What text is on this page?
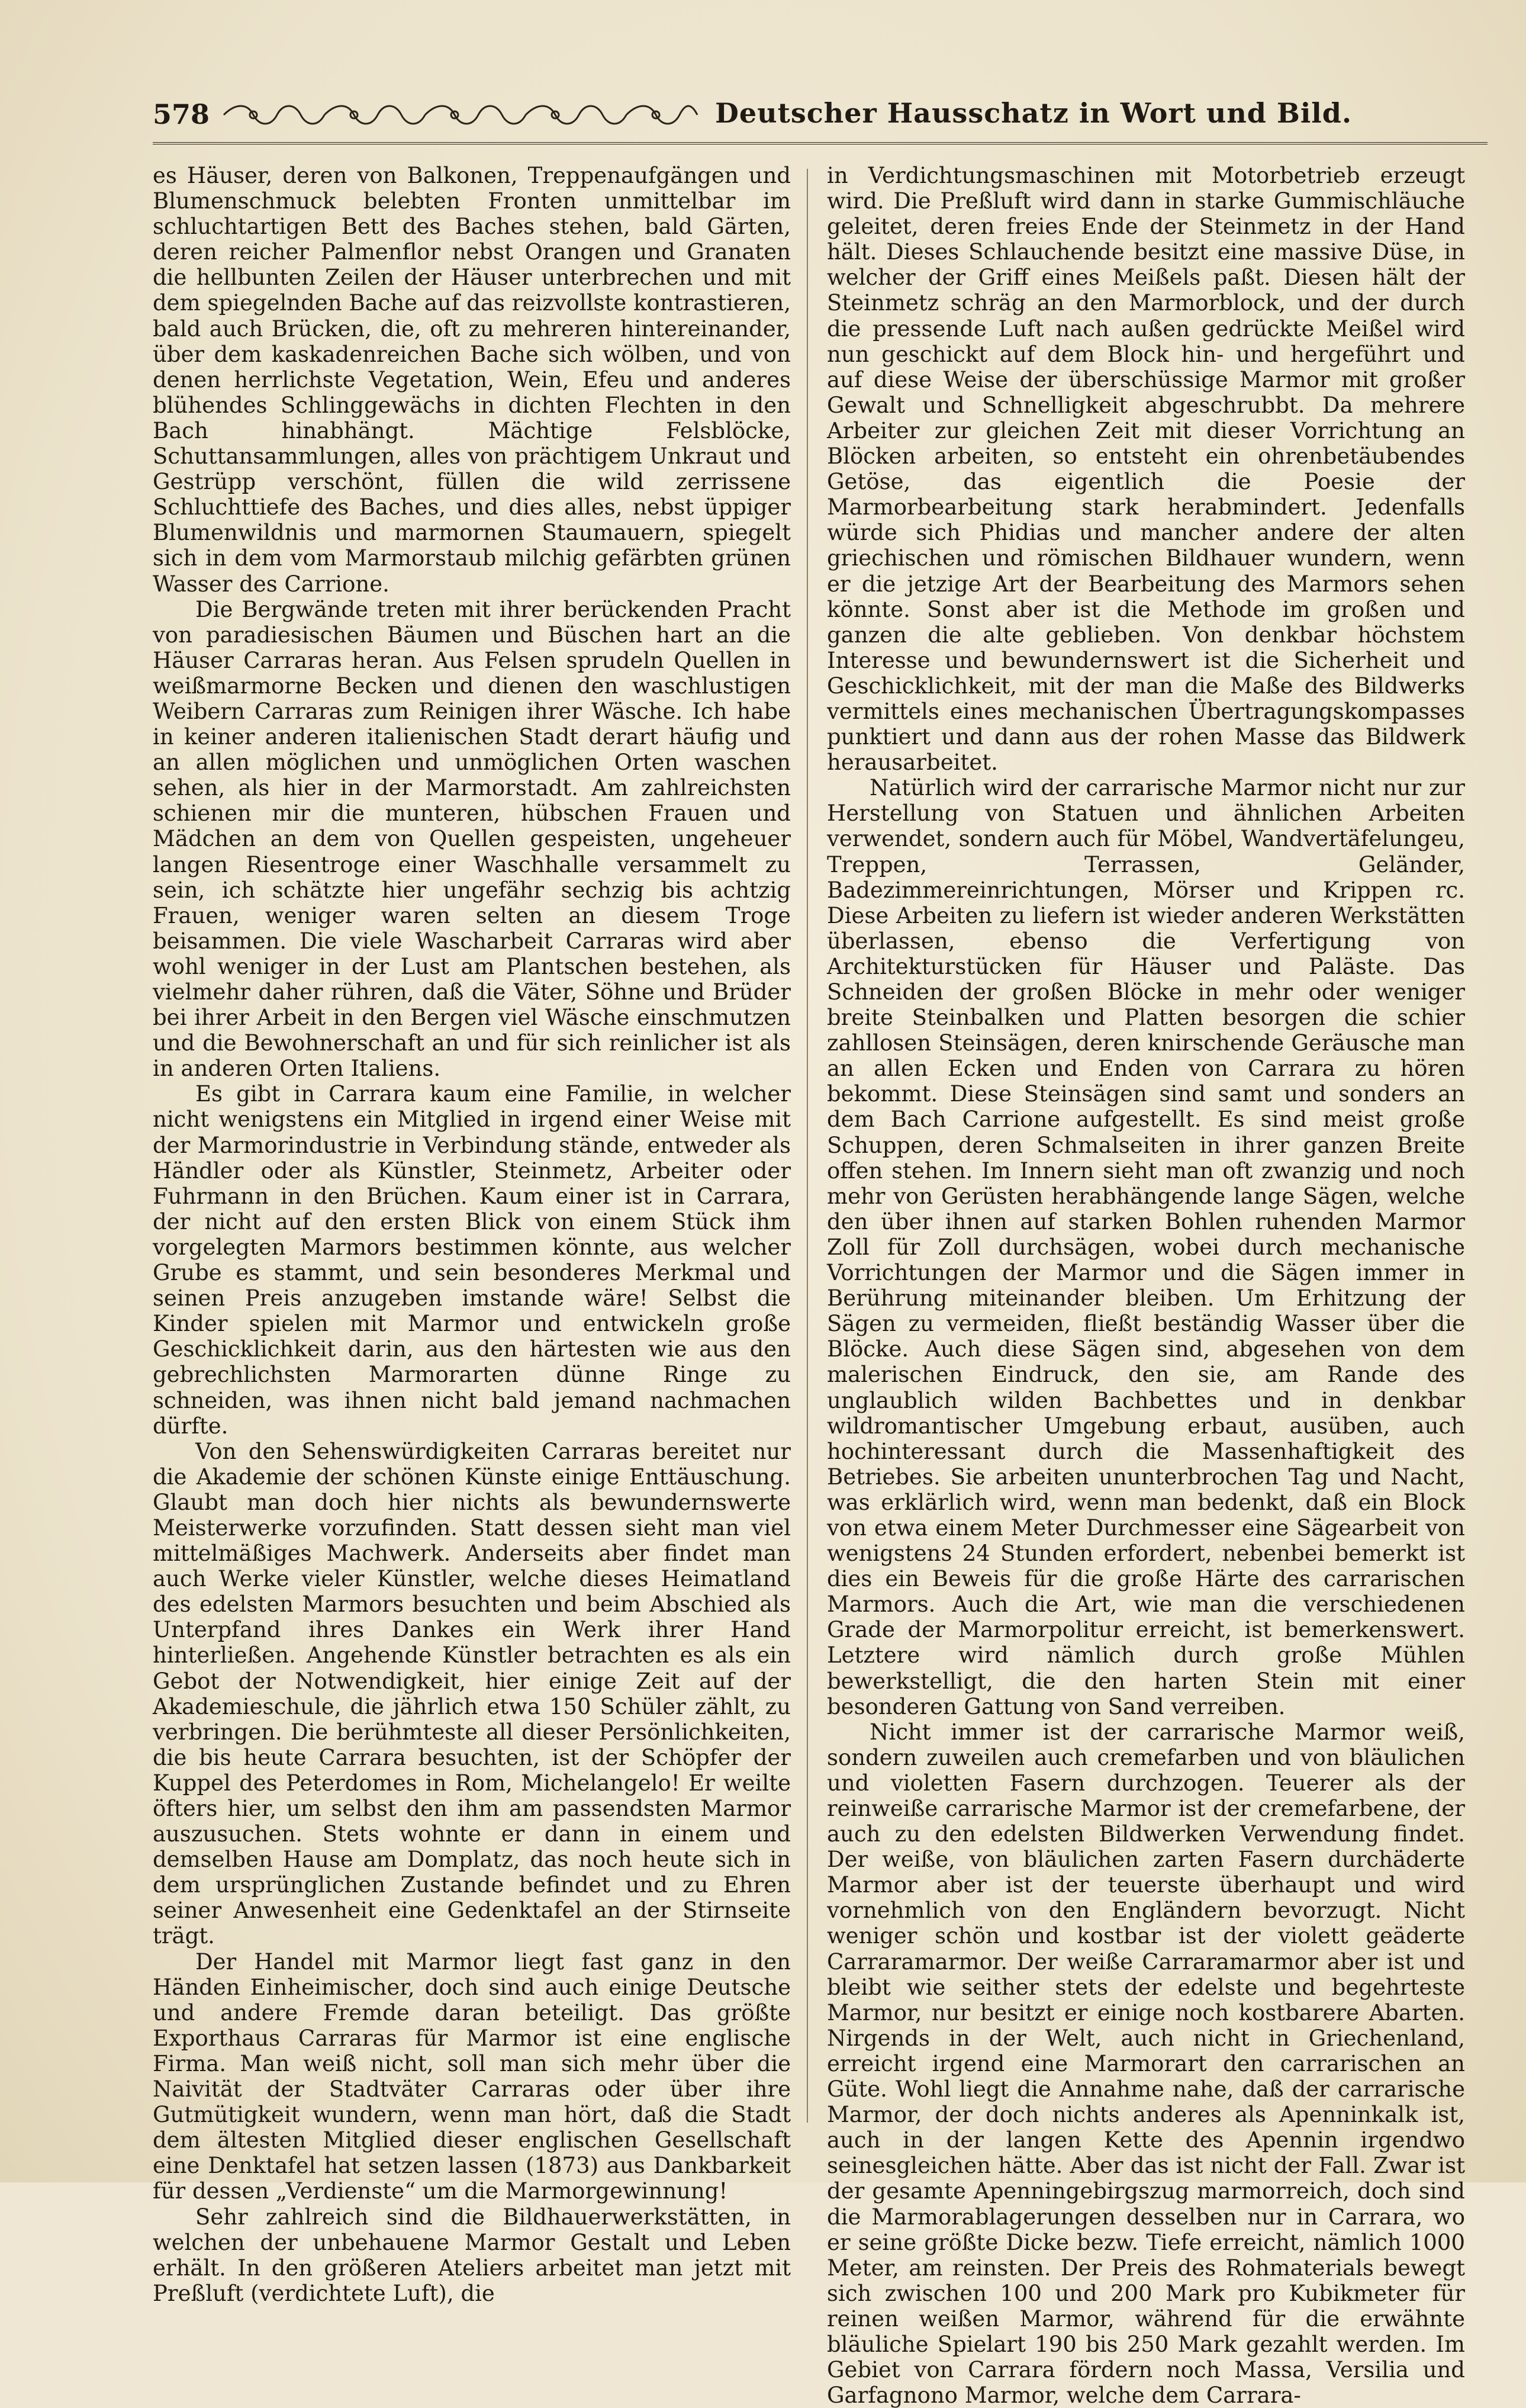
578	Deutscher Hausschatz in Wort und Bild.

es Häuser, deren von Balkonen, Treppenaufgängen und Blumenschmuck belebten Fronten unmittelbar im schluchtartigen Bett des Baches stehen, bald Gärten, deren reicher Palmenflor nebst Orangen und Granaten die hellbunten Zeilen der Häuser unterbrechen und mit dem spiegelnden Bache auf das reizvollste kontrastieren, bald auch Brücken, die, oft zu mehreren hintereinander, über dem kaskadenreichen Bache sich wölben, und von denen herrlichste Vegetation, Wein, Efeu und anderes blühendes Schlinggewächs in dichten Flechten in den Bach hinabhängt. Mächtige Felsblöcke, Schuttansammlungen, alles von prächtigem Unkraut und Gestrüpp verschönt, füllen die wild zerrissene Schluchttiefe des Baches, und dies alles, nebst üppiger Blumenwildnis und marmornen Staumauern, spiegelt sich in dem vom Marmorstaub milchig gefärbten grünen Wasser des Carrione.

Die Bergwände treten mit ihrer berückenden Pracht von paradiesischen Bäumen und Büschen hart an die Häuser Carraras heran. Aus Felsen sprudeln Quellen in weißmarmorne Becken und dienen den waschlustigen Weibern Carraras zum Reinigen ihrer Wäsche. Ich habe in keiner anderen italienischen Stadt derart häufig und an allen möglichen und unmöglichen Orten waschen sehen, als hier in der Marmorstadt. Am zahlreichsten schienen mir die munteren, hübschen Frauen und Mädchen an dem von Quellen gespeisten, ungeheuer langen Riesentroge einer Waschhalle versammelt zu sein, ich schätzte hier ungefähr sechzig bis achtzig Frauen, weniger waren selten an diesem Troge beisammen. Die viele Wascharbeit Carraras wird aber wohl weniger in der Lust am Plantschen bestehen, als vielmehr daher rühren, daß die Väter, Söhne und Brüder bei ihrer Arbeit in den Bergen viel Wäsche einschmutzen und die Bewohnerschaft an und für sich reinlicher ist als in anderen Orten Italiens.

Es gibt in Carrara kaum eine Familie, in welcher nicht wenigstens ein Mitglied in irgend einer Weise mit der Marmorindustrie in Verbindung stände, entweder als Händler oder als Künstler, Steinmetz, Arbeiter oder Fuhrmann in den Brüchen. Kaum einer ist in Carrara, der nicht auf den ersten Blick von einem Stück ihm vorgelegten Marmors bestimmen könnte, aus welcher Grube es stammt, und sein besonderes Merkmal und seinen Preis anzugeben imstande wäre! Selbst die Kinder spielen mit Marmor und entwickeln große Geschicklichkeit darin, aus den härtesten wie aus den gebrechlichsten Marmorarten dünne Ringe zu schneiden, was ihnen nicht bald jemand nachmachen dürfte.

Von den Sehenswürdigkeiten Carraras bereitet nur die Akademie der schönen Künste einige Enttäuschung. Glaubt man doch hier nichts als bewundernswerte Meisterwerke vorzufinden. Statt dessen sieht man viel mittelmäßiges Machwerk. Anderseits aber findet man auch Werke vieler Künstler, welche dieses Heimatland des edelsten Marmors besuchten und beim Abschied als Unterpfand ihres Dankes ein Werk ihrer Hand hinterließen. Angehende Künstler betrachten es als ein Gebot der Notwendigkeit, hier einige Zeit auf der Akademieschule, die jährlich etwa 150 Schüler zählt, zu verbringen. Die berühmteste all dieser Persönlichkeiten, die bis heute Carrara besuchten, ist der Schöpfer der Kuppel des Peterdomes in Rom, Michelangelo! Er weilte öfters hier, um selbst den ihm am passendsten Marmor auszusuchen. Stets wohnte er dann in einem und demselben Hause am Domplatz, das noch heute sich in dem ursprünglichen Zustande befindet und zu Ehren seiner Anwesenheit eine Gedenktafel an der Stirnseite trägt.

Der Handel mit Marmor liegt fast ganz in den Händen Einheimischer, doch sind auch einige Deutsche und andere Fremde daran beteiligt. Das größte Exporthaus Carraras für Marmor ist eine englische Firma. Man weiß nicht, soll man sich mehr über die Naivität der Stadtväter Carraras oder über ihre Gutmütigkeit wundern, wenn man hört, daß die Stadt dem ältesten Mitglied dieser englischen Gesellschaft eine Denktafel hat setzen lassen (1873) aus Dankbarkeit für dessen „Verdienste“ um die Marmorgewinnung!

Sehr zahlreich sind die Bildhauerwerkstätten, in welchen der unbehauene Marmor Gestalt und Leben erhält. In den größeren Ateliers arbeitet man jetzt mit Preßluft (verdichtete Luft), die

in Verdichtungsmaschinen mit Motorbetrieb erzeugt wird. Die Preßluft wird dann in starke Gummischläuche geleitet, deren freies Ende der Steinmetz in der Hand hält. Dieses Schlauchende besitzt eine massive Düse, in welcher der Griff eines Meißels paßt. Diesen hält der Steinmetz schräg an den Marmorblock, und der durch die pressende Luft nach außen gedrückte Meißel wird nun geschickt auf dem Block hin- und hergeführt und auf diese Weise der überschüssige Marmor mit großer Gewalt und Schnelligkeit abgeschrubbt. Da mehrere Arbeiter zur gleichen Zeit mit dieser Vorrichtung an Blöcken arbeiten, so entsteht ein ohrenbetäubendes Getöse, das eigentlich die Poesie der Marmorbearbeitung stark herabmindert. Jedenfalls würde sich Phidias und mancher andere der alten griechischen und römischen Bildhauer wundern, wenn er die jetzige Art der Bearbeitung des Marmors sehen könnte. Sonst aber ist die Methode im großen und ganzen die alte geblieben. Von denkbar höchstem Interesse und bewundernswert ist die Sicherheit und Geschicklichkeit, mit der man die Maße des Bildwerks vermittels eines mechanischen Übertragungskompasses punktiert und dann aus der rohen Masse das Bildwerk herausarbeitet.

Natürlich wird der carrarische Marmor nicht nur zur Herstellung von Statuen und ähnlichen Arbeiten verwendet, sondern auch für Möbel, Wandvertäfelungeu, Treppen, Terrassen, Geländer, Badezimmereinrichtungen, Mörser und Krippen rc. Diese Arbeiten zu liefern ist wieder anderen Werkstätten überlassen, ebenso die Verfertigung von Architekturstücken für Häuser und Paläste. Das Schneiden der großen Blöcke in mehr oder weniger breite Steinbalken und Platten besorgen die schier zahllosen Steinsägen, deren knirschende Geräusche man an allen Ecken und Enden von Carrara zu hören bekommt. Diese Steinsägen sind samt und sonders an dem Bach Carrione aufgestellt. Es sind meist große Schuppen, deren Schmalseiten in ihrer ganzen Breite offen stehen. Im Innern sieht man oft zwanzig und noch mehr von Gerüsten herabhängende lange Sägen, welche den über ihnen auf starken Bohlen ruhenden Marmor Zoll für Zoll durchsägen, wobei durch mechanische Vorrichtungen der Marmor und die Sägen immer in Berührung miteinander bleiben. Um Erhitzung der Sägen zu vermeiden, fließt beständig Wasser über die Blöcke. Auch diese Sägen sind, abgesehen von dem malerischen Eindruck, den sie, am Rande des unglaublich wilden Bachbettes und in denkbar wildromantischer Umgebung erbaut, ausüben, auch hochinteressant durch die Massenhaftigkeit des Betriebes. Sie arbeiten ununterbrochen Tag und Nacht, was erklärlich wird, wenn man bedenkt, daß ein Block von etwa einem Meter Durchmesser eine Sägearbeit von wenigstens 24 Stunden erfordert, nebenbei bemerkt ist dies ein Beweis für die große Härte des carrarischen Marmors. Auch die Art, wie man die verschiedenen Grade der Marmorpolitur erreicht, ist bemerkenswert. Letztere wird nämlich durch große Mühlen bewerkstelligt, die den harten Stein mit einer besonderen Gattung von Sand verreiben.

Nicht immer ist der carrarische Marmor weiß, sondern zuweilen auch cremefarben und von bläulichen und violetten Fasern durchzogen. Teuerer als der reinweiße carrarische Marmor ist der cremefarbene, der auch zu den edelsten Bildwerken Verwendung findet. Der weiße, von bläulichen zarten Fasern durchäderte Marmor aber ist der teuerste überhaupt und wird vornehmlich von den Engländern bevorzugt. Nicht weniger schön und kostbar ist der violett geäderte Carraramarmor. Der weiße Carraramarmor aber ist und bleibt wie seither stets der edelste und begehrteste Marmor, nur besitzt er einige noch kostbarere Abarten. Nirgends in der Welt, auch nicht in Griechenland, erreicht irgend eine Marmorart den carrarischen an Güte. Wohl liegt die Annahme nahe, daß der carrarische Marmor, der doch nichts anderes als Apenninkalk ist, auch in der langen Kette des Apennin irgendwo seinesgleichen hätte. Aber das ist nicht der Fall. Zwar ist der gesamte Apenningebirgszug marmorreich, doch sind die Marmorablagerungen desselben nur in Carrara, wo er seine größte Dicke bezw. Tiefe erreicht, nämlich 1000 Meter, am reinsten. Der Preis des Rohmaterials bewegt sich zwischen 100 und 200 Mark pro Kubikmeter für reinen weißen Marmor, während für die erwähnte bläuliche Spielart 190 bis 250 Mark gezahlt werden. Im Gebiet von Carrara fördern noch Massa, Versilia und Garfagnono Marmor, welche dem Carrara-
